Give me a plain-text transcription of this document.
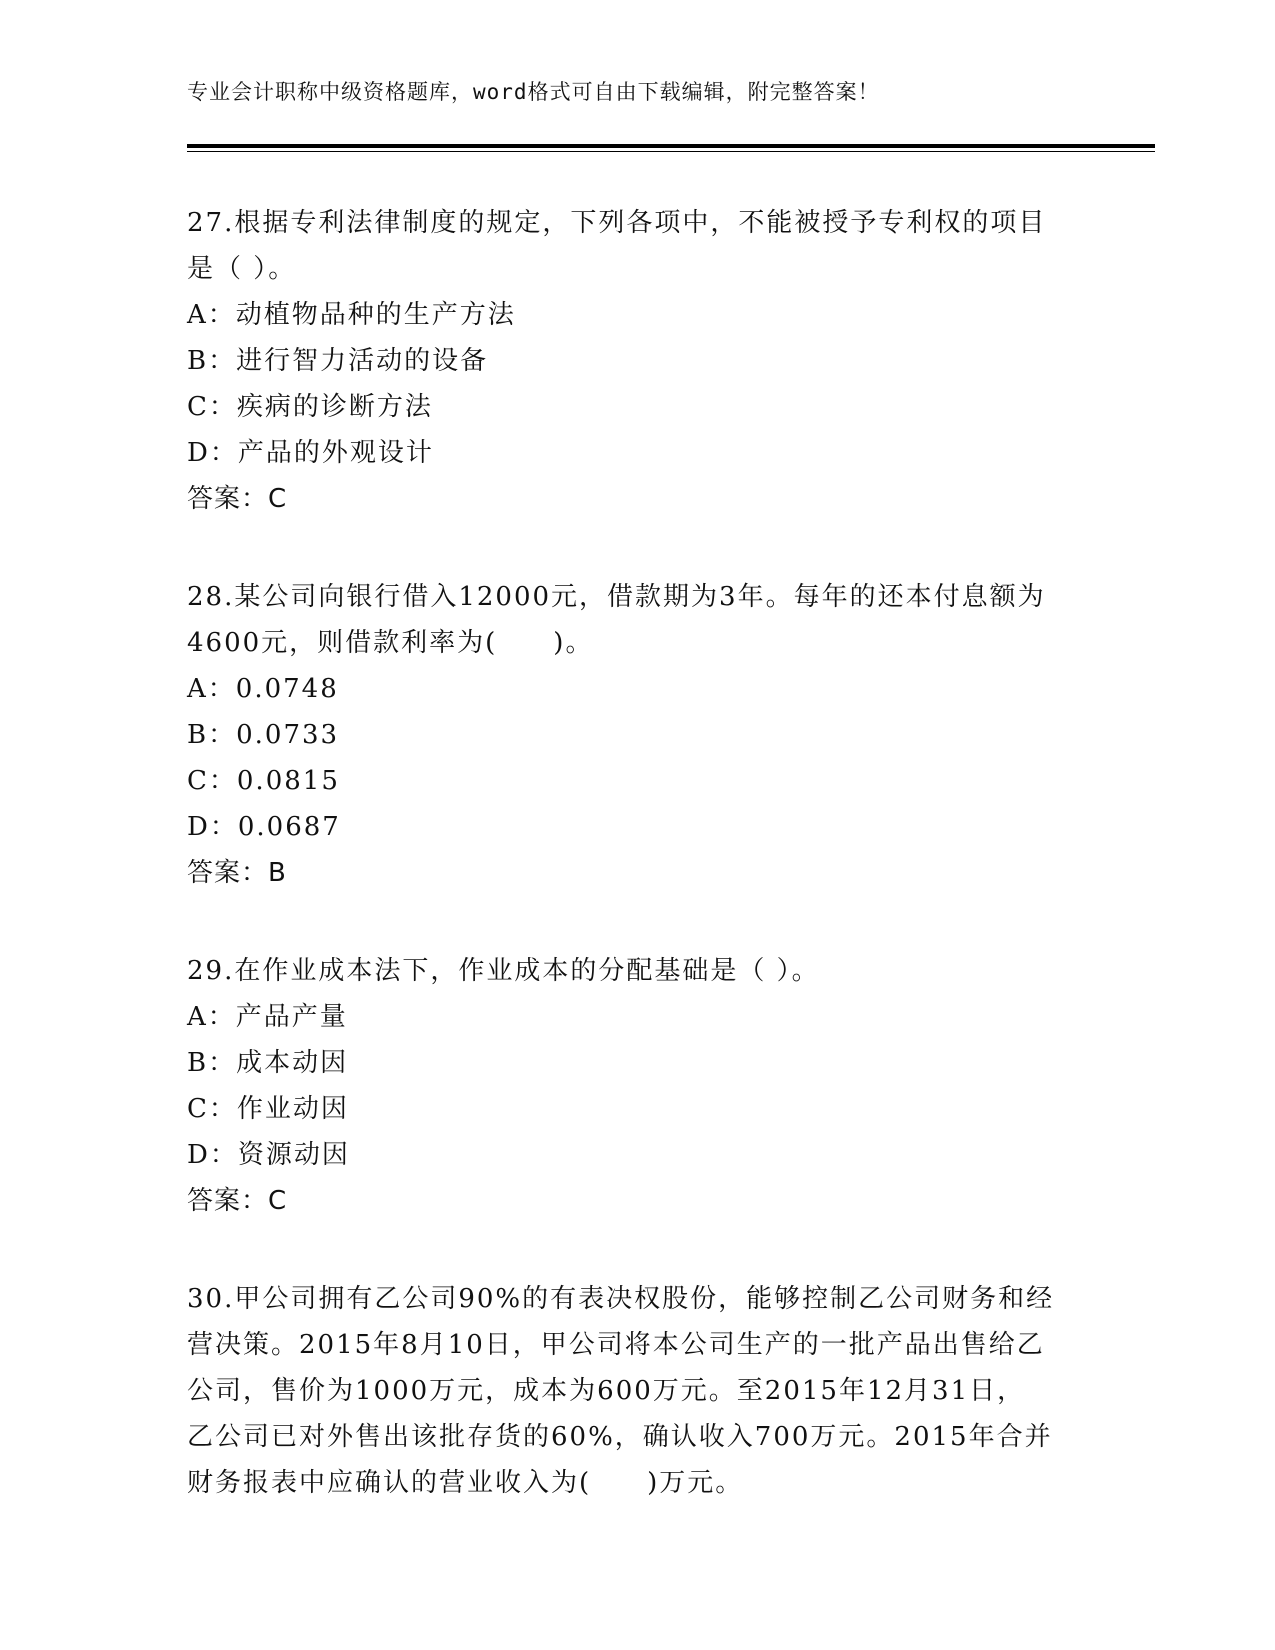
专业会计职称中级资格题库，word格式可自由下载编辑，附完整答案！
27.根据专利法律制度的规定，下列各项中，不能被授予专利权的项目
是（ ）。
A：动植物品种的生产方法
B：进行智力活动的设备
C：疾病的诊断方法
D：产品的外观设计
答案：C
28.某公司向银行借入12000元，借款期为3年。每年的还本付息额为
4600元，则借款利率为(　　)。
A：0.0748
B：0.0733
C：0.0815
D：0.0687
答案：B
29.在作业成本法下，作业成本的分配基础是（ ）。
A：产品产量
B：成本动因
C：作业动因
D：资源动因
答案：C
30.甲公司拥有乙公司90%的有表决权股份，能够控制乙公司财务和经
营决策。2015年8月10日，甲公司将本公司生产的一批产品出售给乙
公司，售价为1000万元，成本为600万元。至2015年12月31日，
乙公司已对外售出该批存货的60%，确认收入700万元。2015年合并
财务报表中应确认的营业收入为(　　)万元。
